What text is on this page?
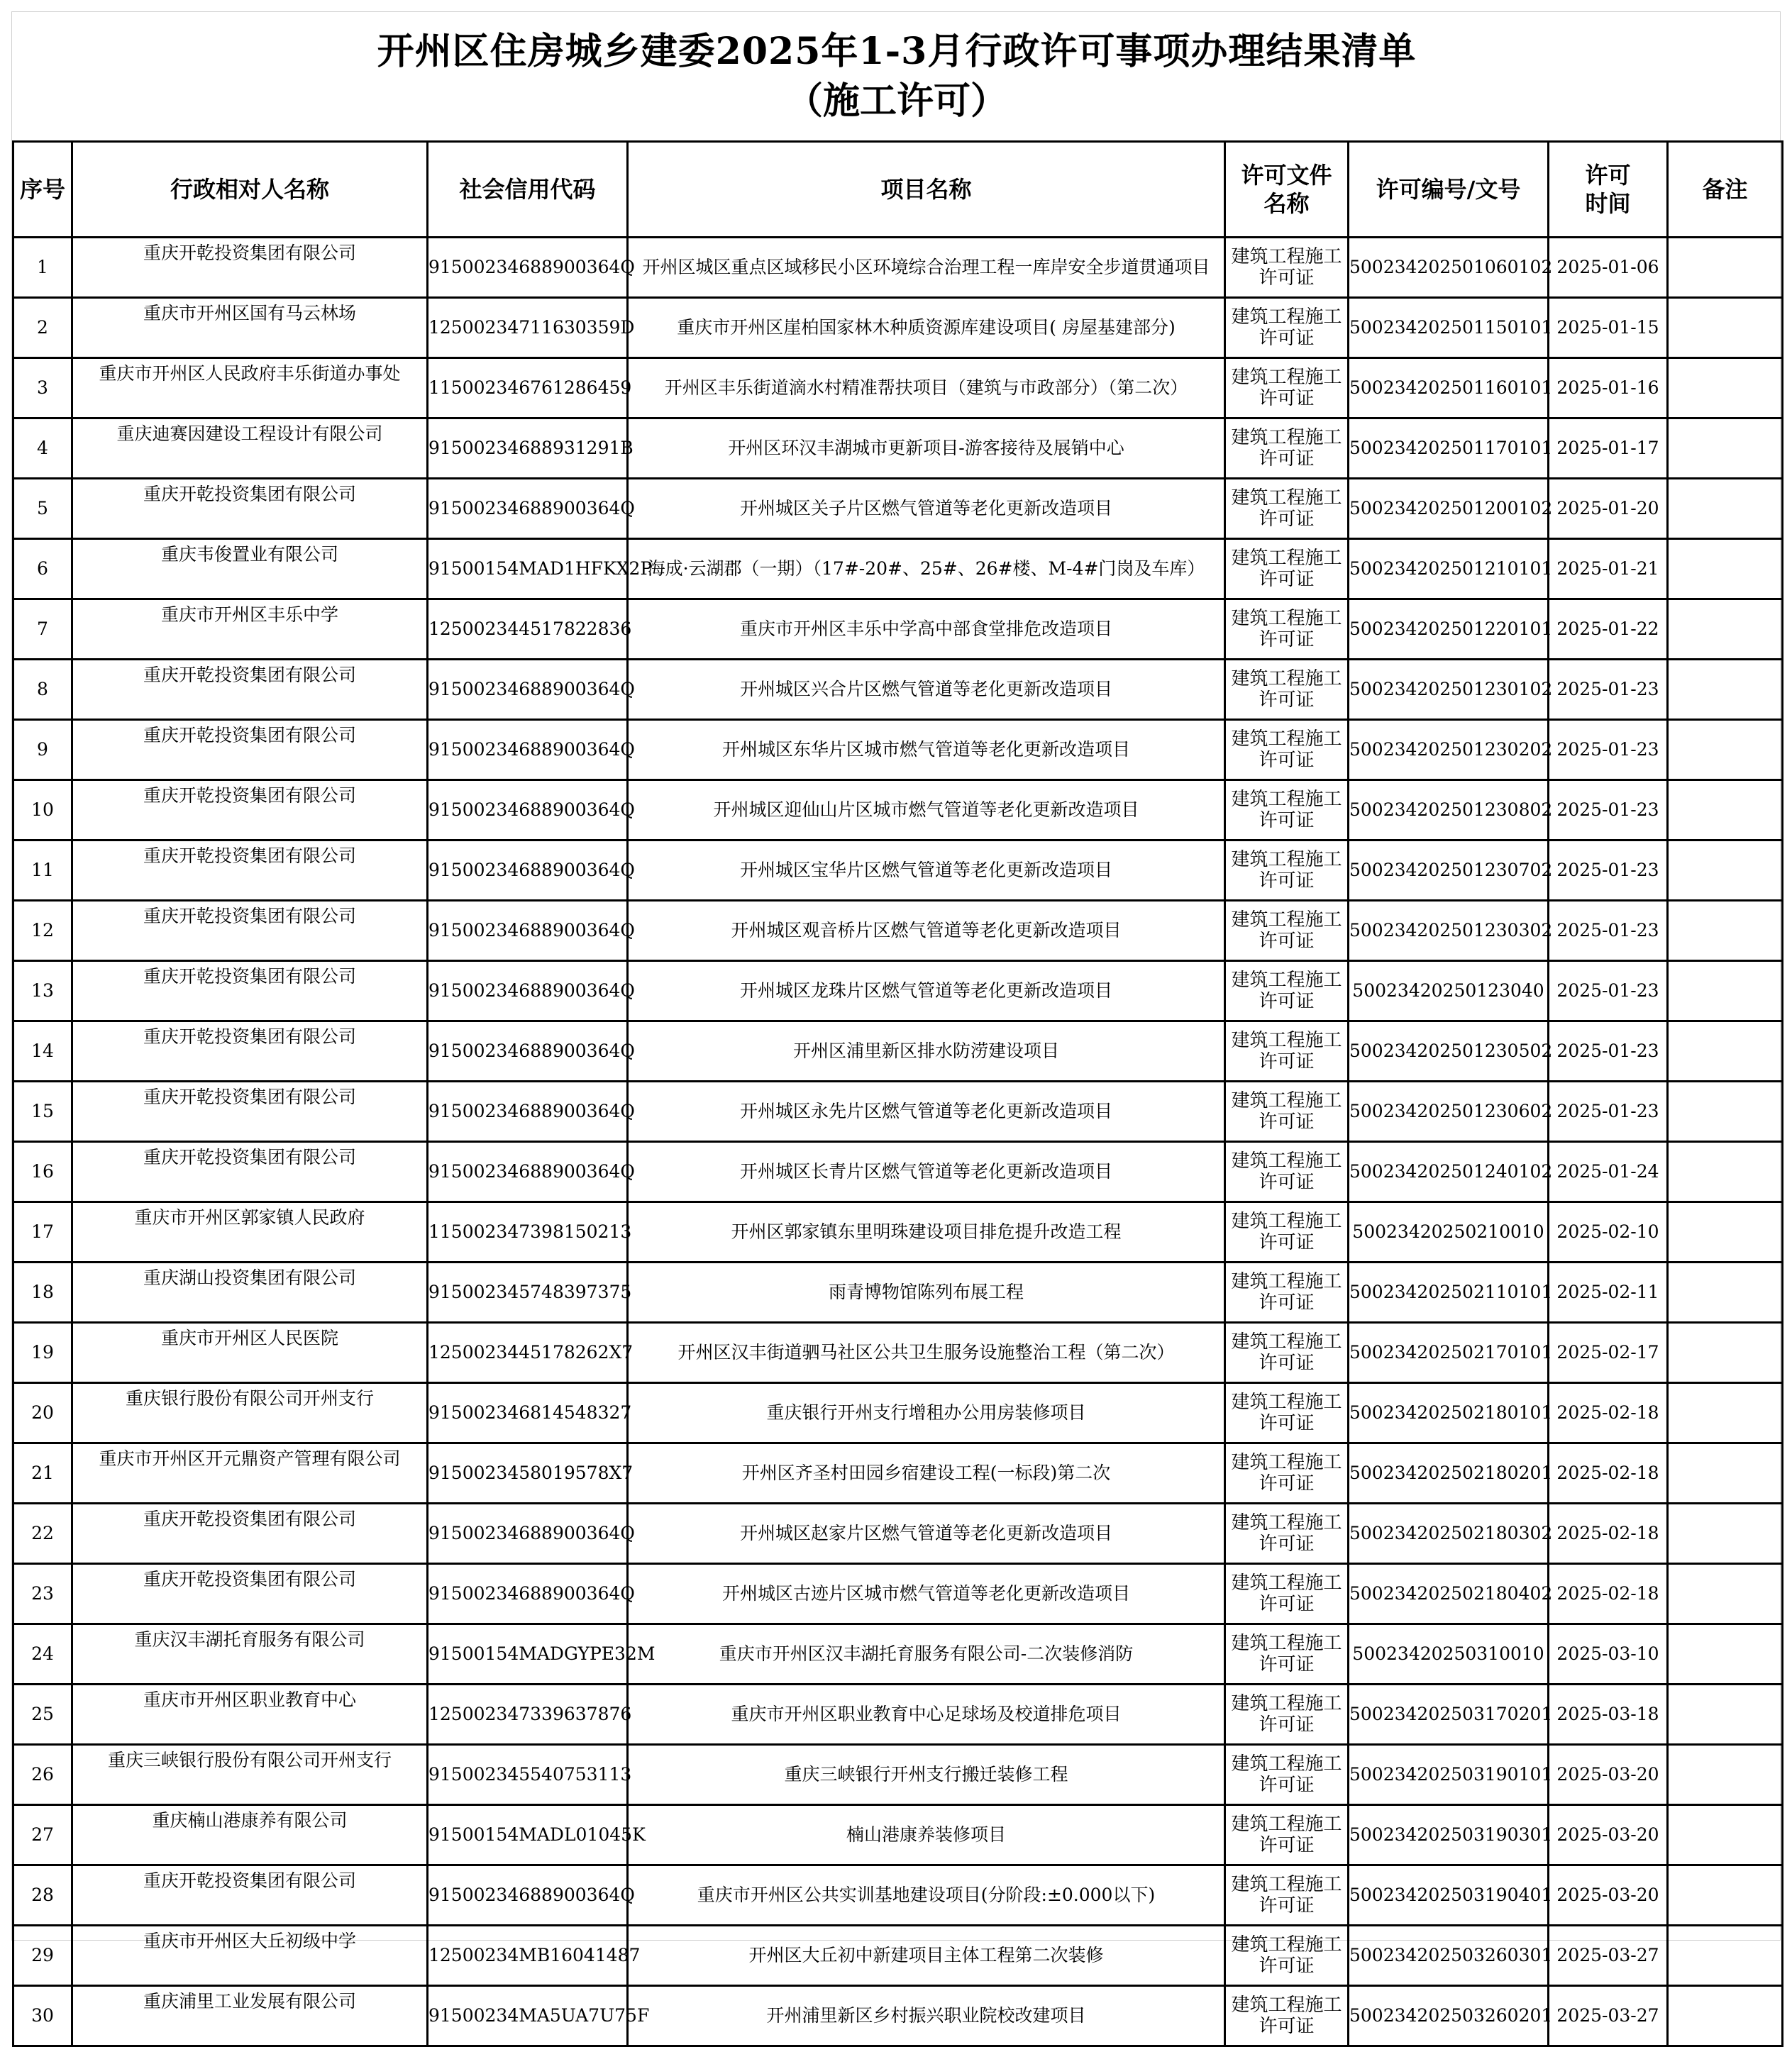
开州区住房城乡建委2025年1-3月行政许可事项办理结果清单
（施工许可）
序号	行政相对人名称	社会信用代码	项目名称	许可文件名称	许可编号/文号	许可时间	备注
1	重庆开乾投资集团有限公司	91500234688900364Q	开州区城区重点区域移民小区环境综合治理工程一库岸安全步道贯通项目	建筑工程施工许可证	500234202501060102	2025-01-06	
2	重庆市开州区国有马云林场	12500234711630359D	重庆市开州区崖柏国家林木种质资源库建设项目( 房屋基建部分)	建筑工程施工许可证	500234202501150101	2025-01-15	
3	重庆市开州区人民政府丰乐街道办事处	115002346761286459	开州区丰乐街道滴水村精准帮扶项目（建筑与市政部分）（第二次）	建筑工程施工许可证	500234202501160101	2025-01-16	
4	重庆迪赛因建设工程设计有限公司	91500234688931291B	开州区环汉丰湖城市更新项目-游客接待及展销中心	建筑工程施工许可证	500234202501170101	2025-01-17	
5	重庆开乾投资集团有限公司	91500234688900364Q	开州城区关子片区燃气管道等老化更新改造项目	建筑工程施工许可证	500234202501200102	2025-01-20	
6	重庆韦俊置业有限公司	91500154MAD1HFKX2P	海成·云湖郡（一期）（17#-20#、25#、26#楼、M-4#门岗及车库）	建筑工程施工许可证	500234202501210101	2025-01-21	
7	重庆市开州区丰乐中学	125002344517822836	重庆市开州区丰乐中学高中部食堂排危改造项目	建筑工程施工许可证	500234202501220101	2025-01-22	
8	重庆开乾投资集团有限公司	91500234688900364Q	开州城区兴合片区燃气管道等老化更新改造项目	建筑工程施工许可证	500234202501230102	2025-01-23	
9	重庆开乾投资集团有限公司	91500234688900364Q	开州城区东华片区城市燃气管道等老化更新改造项目	建筑工程施工许可证	500234202501230202	2025-01-23	
10	重庆开乾投资集团有限公司	91500234688900364Q	开州城区迎仙山片区城市燃气管道等老化更新改造项目	建筑工程施工许可证	500234202501230802	2025-01-23	
11	重庆开乾投资集团有限公司	91500234688900364Q	开州城区宝华片区燃气管道等老化更新改造项目	建筑工程施工许可证	500234202501230702	2025-01-23	
12	重庆开乾投资集团有限公司	91500234688900364Q	开州城区观音桥片区燃气管道等老化更新改造项目	建筑工程施工许可证	500234202501230302	2025-01-23	
13	重庆开乾投资集团有限公司	91500234688900364Q	开州城区龙珠片区燃气管道等老化更新改造项目	建筑工程施工许可证	50023420250123040	2025-01-23	
14	重庆开乾投资集团有限公司	91500234688900364Q	开州区浦里新区排水防涝建设项目	建筑工程施工许可证	500234202501230502	2025-01-23	
15	重庆开乾投资集团有限公司	91500234688900364Q	开州城区永先片区燃气管道等老化更新改造项目	建筑工程施工许可证	500234202501230602	2025-01-23	
16	重庆开乾投资集团有限公司	91500234688900364Q	开州城区长青片区燃气管道等老化更新改造项目	建筑工程施工许可证	500234202501240102	2025-01-24	
17	重庆市开州区郭家镇人民政府	115002347398150213	开州区郭家镇东里明珠建设项目排危提升改造工程	建筑工程施工许可证	50023420250210010	2025-02-10	
18	重庆湖山投资集团有限公司	915002345748397375	雨青博物馆陈列布展工程	建筑工程施工许可证	500234202502110101	2025-02-11	
19	重庆市开州区人民医院	1250023445178262X7	开州区汉丰街道驷马社区公共卫生服务设施整治工程（第二次）	建筑工程施工许可证	500234202502170101	2025-02-17	
20	重庆银行股份有限公司开州支行	915002346814548327	重庆银行开州支行增租办公用房装修项目	建筑工程施工许可证	500234202502180101	2025-02-18	
21	重庆市开州区开元鼎资产管理有限公司	9150023458019578X7	开州区齐圣村田园乡宿建设工程(一标段)第二次	建筑工程施工许可证	500234202502180201	2025-02-18	
22	重庆开乾投资集团有限公司	91500234688900364Q	开州城区赵家片区燃气管道等老化更新改造项目	建筑工程施工许可证	500234202502180302	2025-02-18	
23	重庆开乾投资集团有限公司	91500234688900364Q	开州城区古迹片区城市燃气管道等老化更新改造项目	建筑工程施工许可证	500234202502180402	2025-02-18	
24	重庆汉丰湖托育服务有限公司	91500154MADGYPE32M	重庆市开州区汉丰湖托育服务有限公司-二次装修消防	建筑工程施工许可证	50023420250310010	2025-03-10	
25	重庆市开州区职业教育中心	125002347339637876	重庆市开州区职业教育中心足球场及校道排危项目	建筑工程施工许可证	500234202503170201	2025-03-18	
26	重庆三峡银行股份有限公司开州支行	915002345540753113	重庆三峡银行开州支行搬迁装修工程	建筑工程施工许可证	500234202503190101	2025-03-20	
27	重庆楠山港康养有限公司	91500154MADL01045K	楠山港康养装修项目	建筑工程施工许可证	500234202503190301	2025-03-20	
28	重庆开乾投资集团有限公司	91500234688900364Q	重庆市开州区公共实训基地建设项目(分阶段:±0.000以下)	建筑工程施工许可证	500234202503190401	2025-03-20	
29	重庆市开州区大丘初级中学	12500234MB16041487	开州区大丘初中新建项目主体工程第二次装修	建筑工程施工许可证	500234202503260301	2025-03-27	
30	重庆浦里工业发展有限公司	91500234MA5UA7U75F	开州浦里新区乡村振兴职业院校改建项目	建筑工程施工许可证	500234202503260201	2025-03-27	
